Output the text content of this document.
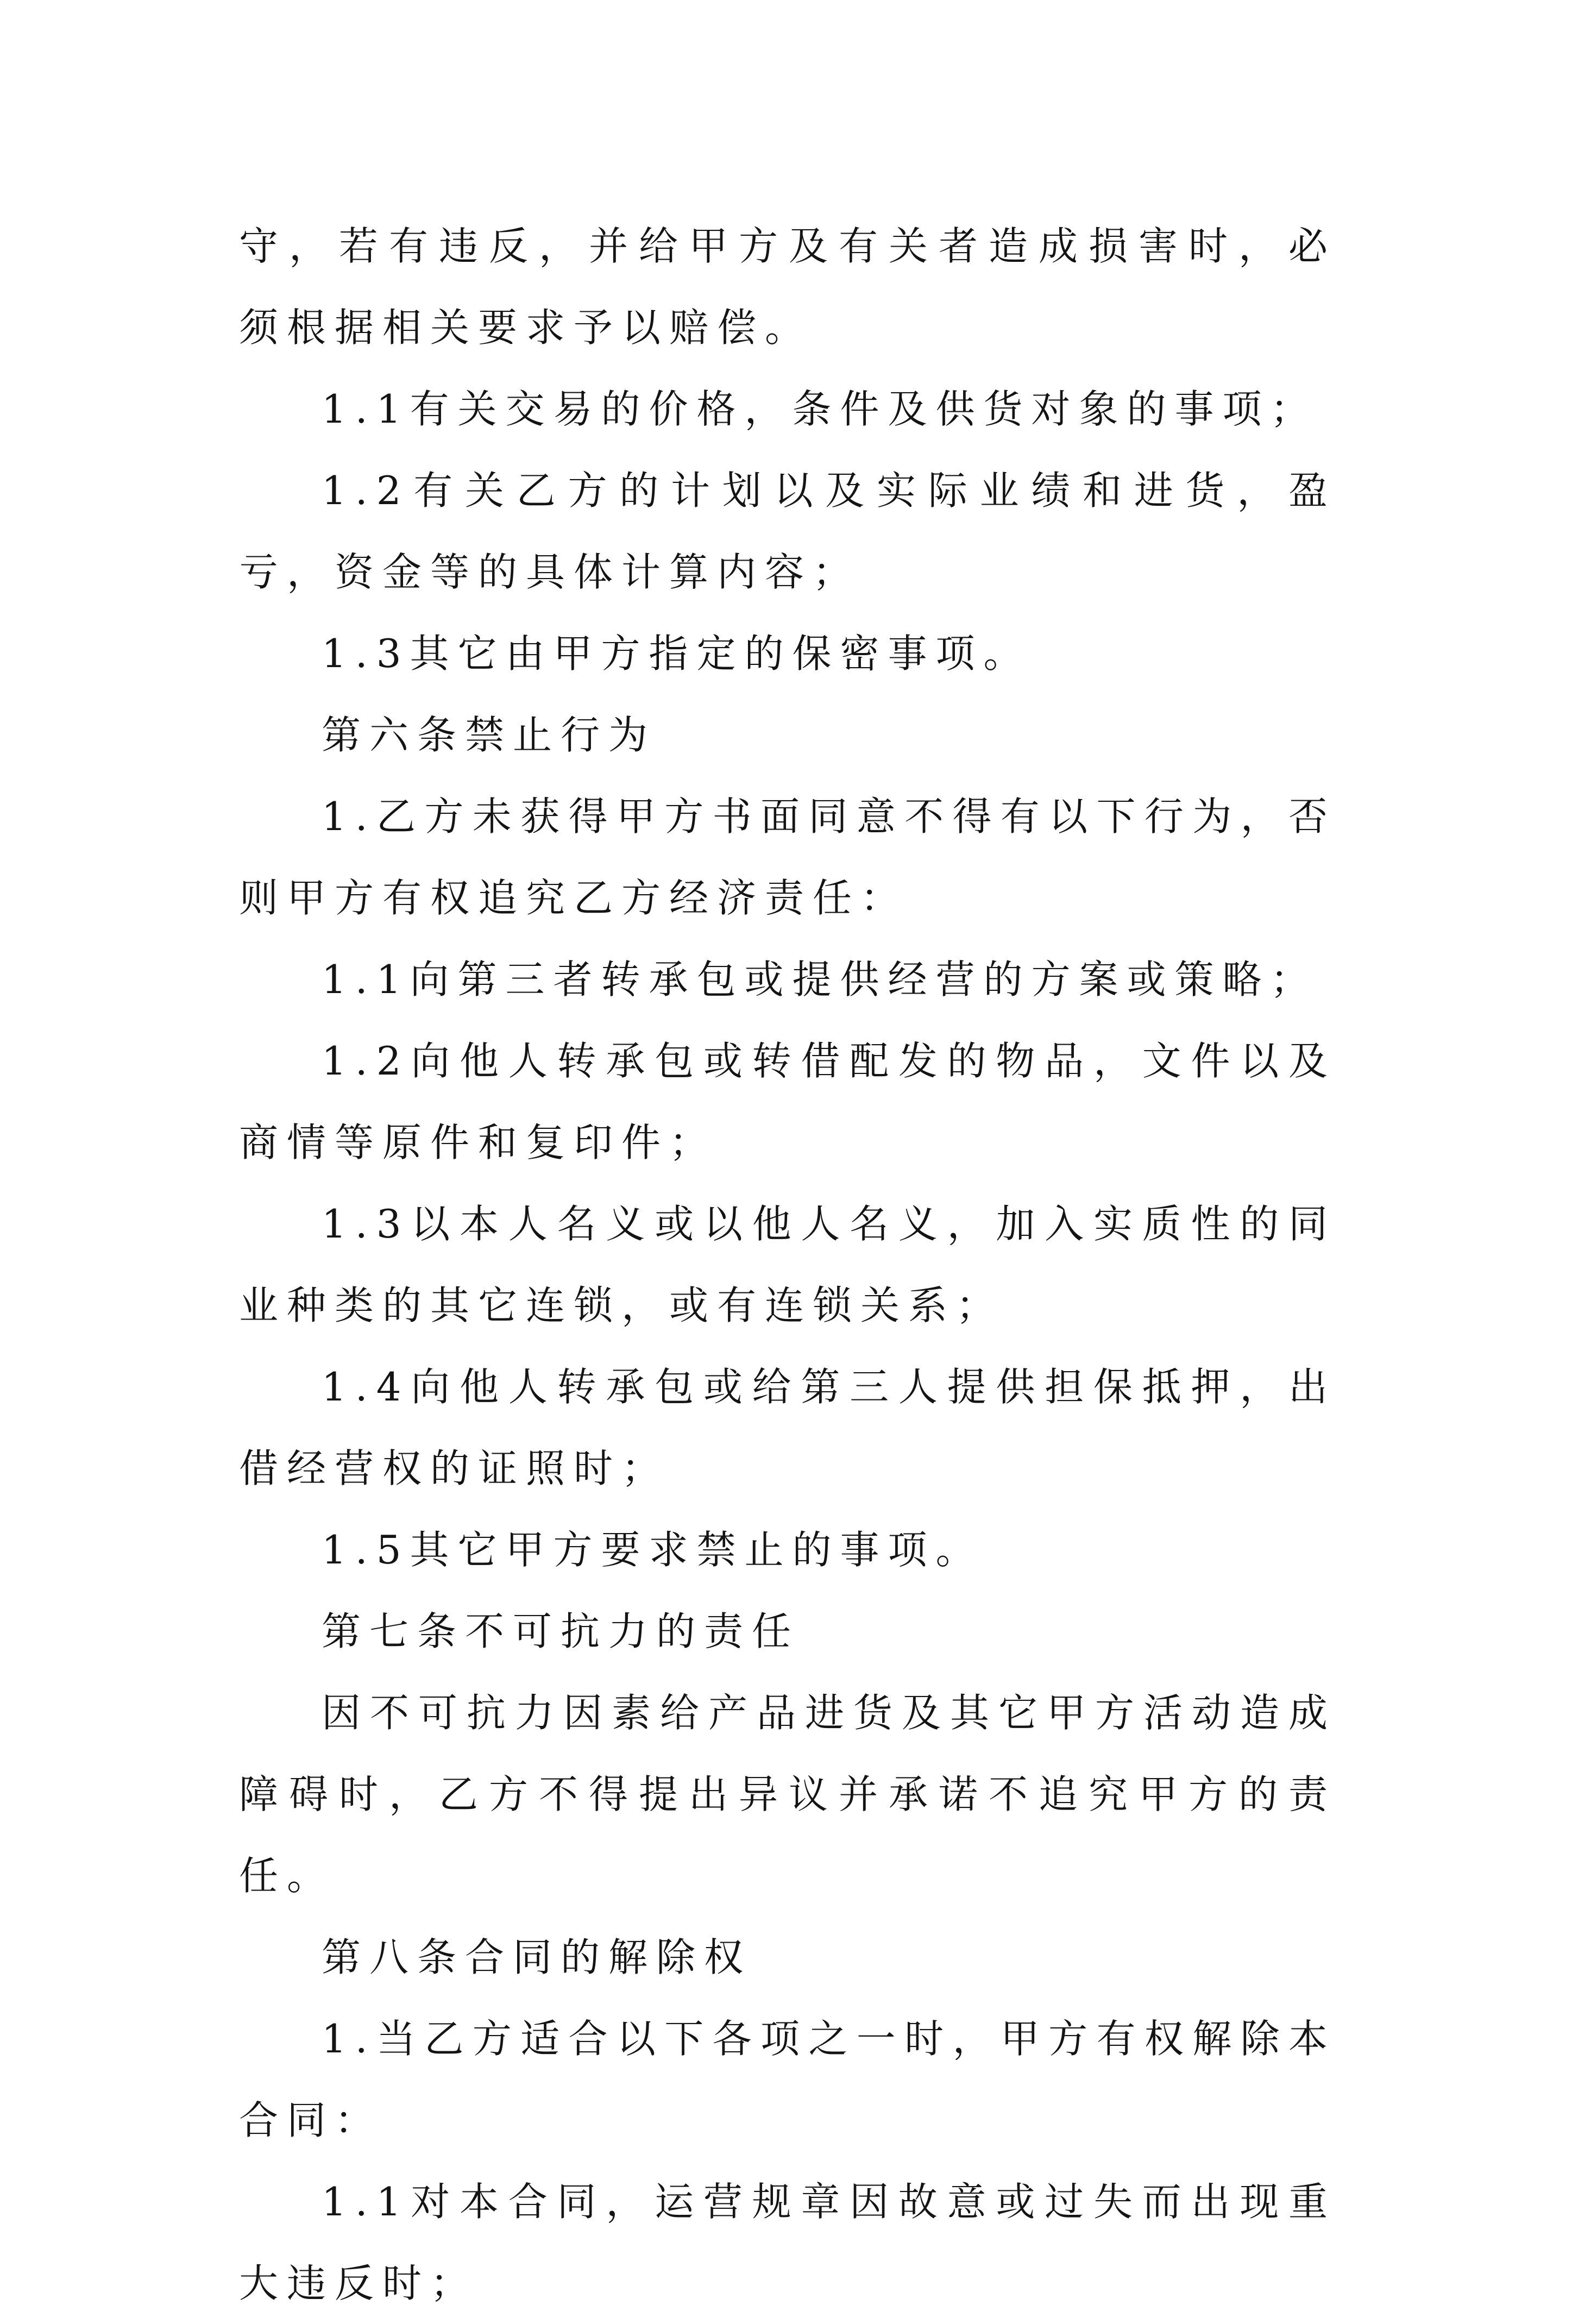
守，若有违反，并给甲方及有关者造成损害时，必须根据相关要求予以赔偿。

1.1有关交易的价格，条件及供货对象的事项；

1.2有关乙方的计划以及实际业绩和进货，盈亏，资金等的具体计算内容；

1.3其它由甲方指定的保密事项。

第六条禁止行为

1.乙方未获得甲方书面同意不得有以下行为，否则甲方有权追究乙方经济责任：

1.1向第三者转承包或提供经营的方案或策略；

1.2向他人转承包或转借配发的物品，文件以及商情等原件和复印件；

1.3以本人名义或以他人名义，加入实质性的同业种类的其它连锁，或有连锁关系；

1.4向他人转承包或给第三人提供担保抵押，出借经营权的证照时；

1.5其它甲方要求禁止的事项。

第七条不可抗力的责任

因不可抗力因素给产品进货及其它甲方活动造成障碍时，乙方不得提出异议并承诺不追究甲方的责任。

第八条合同的解除权

1.当乙方适合以下各项之一时，甲方有权解除本合同：

1.1对本合同，运营规章因故意或过失而出现重大违反时；
